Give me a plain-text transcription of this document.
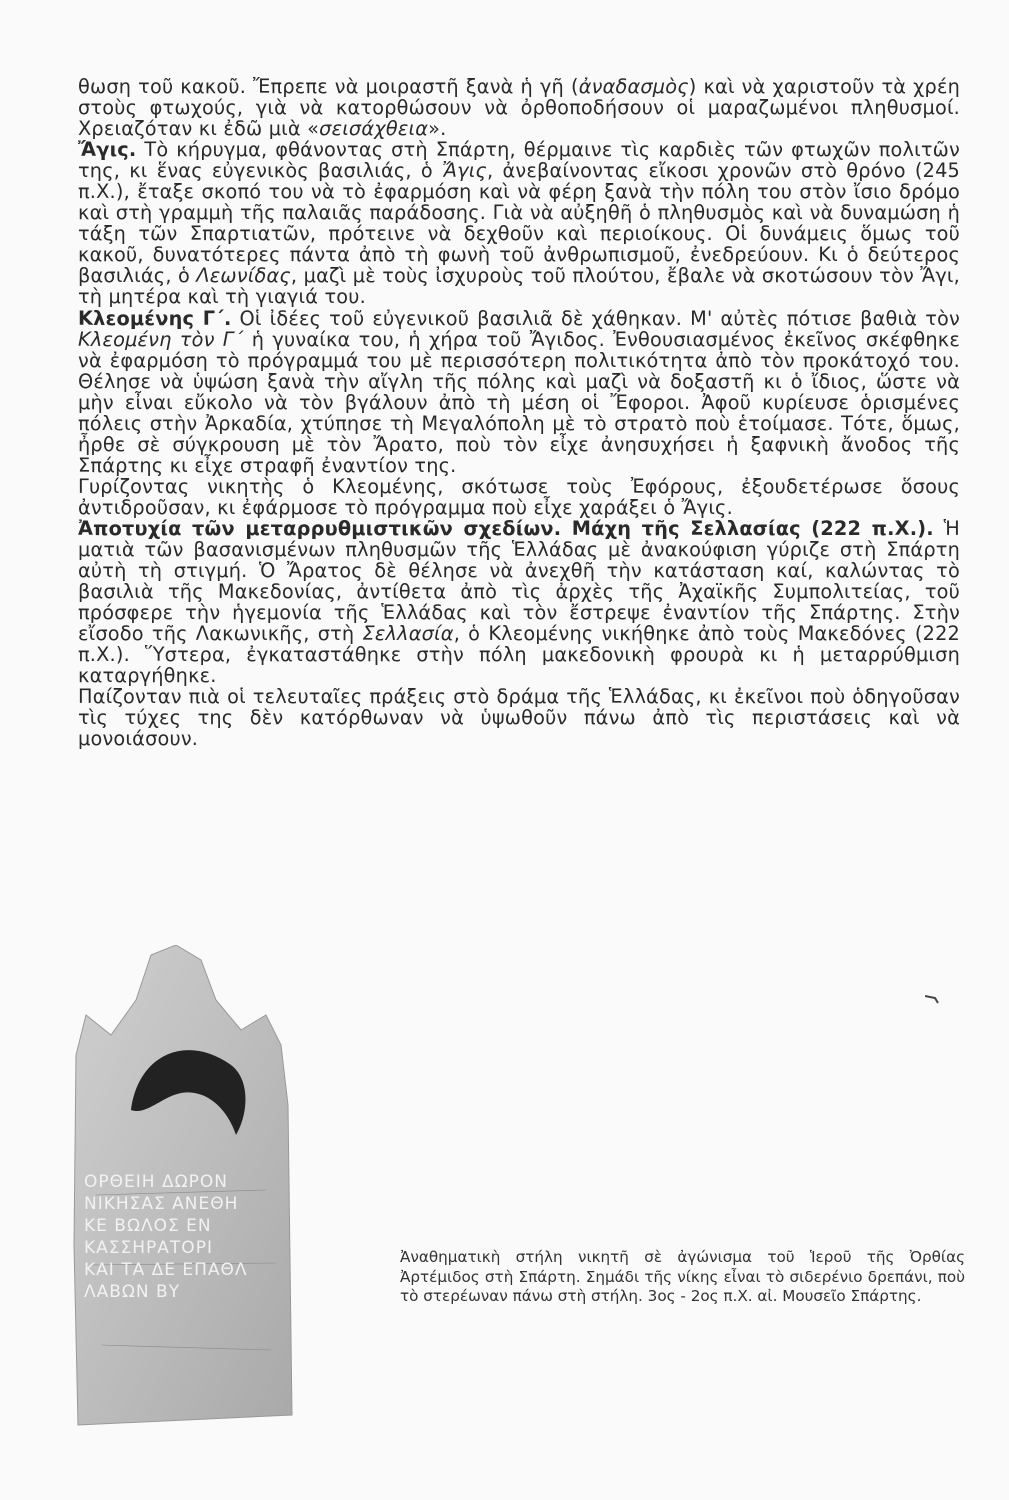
θωση τοῦ κακοῦ. Ἔπρεπε νὰ μοιραστῆ ξανὰ ἡ γῆ (ἀναδασμὸς) καὶ νὰ χαριστοῦν τὰ χρέη στοὺς φτωχούς, γιὰ νὰ κατορθώσουν νὰ ὀρθοποδήσουν οἱ μαραζωμένοι πληθυσμοί. Χρειαζόταν κι ἐδῶ μιὰ «σεισάχθεια».

Ἄγις. Τὸ κήρυγμα, φθάνοντας στὴ Σπάρτη, θέρμαινε τὶς καρδιὲς τῶν φτωχῶν πολιτῶν της, κι ἕνας εὐγενικὸς βασιλιάς, ὁ Ἄγις, ἀνεβαίνοντας εἴκοσι χρονῶν στὸ θρόνο (245 π.Χ.), ἔταξε σκοπό του νὰ τὸ ἐφαρμόση καὶ νὰ φέρη ξανὰ τὴν πόλη του στὸν ἴσιο δρόμο καὶ στὴ γραμμὴ τῆς παλαιᾶς παράδοσης. Γιὰ νὰ αὐξηθῆ ὁ πληθυσμὸς καὶ νὰ δυναμώση ἡ τάξη τῶν Σπαρτιατῶν, πρότεινε νὰ δεχθοῦν καὶ περιοίκους. Οἱ δυνάμεις ὅμως τοῦ κακοῦ, δυνατότερες πάντα ἀπὸ τὴ φωνὴ τοῦ ἀνθρωπισμοῦ, ἐνεδρεύουν. Κι ὁ δεύτερος βασιλιάς, ὁ Λεωνίδας, μαζὶ μὲ τοὺς ἰσχυροὺς τοῦ πλούτου, ἔβαλε νὰ σκοτώσουν τὸν Ἄγι, τὴ μητέρα καὶ τὴ γιαγιά του.

Κλεομένης Γ΄. Οἱ ἰδέες τοῦ εὐγενικοῦ βασιλιᾶ δὲ χάθηκαν. Μ' αὐτὲς πότισε βαθιὰ τὸν Κλεομένη τὸν Γ΄ ἡ γυναίκα του, ἡ χήρα τοῦ Ἄγιδος. Ἐνθουσιασμένος ἐκεῖνος σκέφθηκε νὰ ἐφαρμόση τὸ πρόγραμμά του μὲ περισσότερη πολιτικότητα ἀπὸ τὸν προκάτοχό του. Θέλησε νὰ ὑψώση ξανὰ τὴν αἴγλη τῆς πόλης καὶ μαζὶ νὰ δοξαστῆ κι ὁ ἴδιος, ὥστε νὰ μὴν εἶναι εὔκολο νὰ τὸν βγάλουν ἀπὸ τὴ μέση οἱ Ἔφοροι. Ἀφοῦ κυρίευσε ὁρισμένες πόλεις στὴν Ἀρκαδία, χτύπησε τὴ Μεγαλόπολη μὲ τὸ στρατὸ ποὺ ἑτοίμασε. Τότε, ὅμως, ἦρθε σὲ σύγκρουση μὲ τὸν Ἄρατο, ποὺ τὸν εἶχε ἀνησυχήσει ἡ ξαφνικὴ ἄνοδος τῆς Σπάρτης κι εἶχε στραφῆ ἐναντίον της.

Γυρίζοντας νικητὴς ὁ Κλεομένης, σκότωσε τοὺς Ἐφόρους, ἐξουδετέρωσε ὅσους ἀντιδροῦσαν, κι ἐφάρμοσε τὸ πρόγραμμα ποὺ εἶχε χαράξει ὁ Ἄγις.

Ἀποτυχία τῶν μεταρρυθμιστικῶν σχεδίων. Μάχη τῆς Σελλασίας (222 π.Χ.). Ἡ ματιὰ τῶν βασανισμένων πληθυσμῶν τῆς Ἑλλάδας μὲ ἀνακούφιση γύριζε στὴ Σπάρτη αὐτὴ τὴ στιγμή. Ὁ Ἄρατος δὲ θέλησε νὰ ἀνεχθῆ τὴν κατάσταση καί, καλώντας τὸ βασιλιὰ τῆς Μακεδονίας, ἀντίθετα ἀπὸ τὶς ἀρχὲς τῆς Ἀχαϊκῆς Συμπολιτείας, τοῦ πρόσφερε τὴν ἡγεμονία τῆς Ἑλλάδας καὶ τὸν ἔστρεψε ἐναντίον τῆς Σπάρτης. Στὴν εἴσοδο τῆς Λακωνικῆς, στὴ Σελλασία, ὁ Κλεομένης νικήθηκε ἀπὸ τοὺς Μακεδόνες (222 π.Χ.). Ὕστερα, ἐγκαταστάθηκε στὴν πόλη μακεδονικὴ φρουρὰ κι ἡ μεταρρύθμιση καταργήθηκε.

Παίζονταν πιὰ οἱ τελευταῖες πράξεις στὸ δράμα τῆς Ἑλλάδας, κι ἐκεῖνοι ποὺ ὁδηγοῦσαν τὶς τύχες της δὲν κατόρθωναν νὰ ὑψωθοῦν πάνω ἀπὸ τὶς περιστάσεις καὶ νὰ μονοιάσουν.

ΟΡΘΕΙΗ ΔΩΡΟΝ
ΝΙΚΗΣΑΣ ΑΝΕΘΗ
ΚΕ ΒΩΛΟΣ ΕΝ
ΚΑΣΣΗΡΑΤΟΡΙ
ΚΑΙ ΤΑ ΔΕ ΕΠΑΘΛ
ΛΑΒΩΝ ΒΥ
Ἀναθηματικὴ στήλη νικητῆ σὲ ἀγώνισμα τοῦ Ἱεροῦ τῆς Ὀρθίας Ἀρτέμιδος στὴ Σπάρτη. Σημάδι τῆς νίκης εἶναι τὸ σιδερένιο δρεπάνι, ποὺ τὸ στερέωναν πάνω στὴ στήλη. 3ος - 2ος π.Χ. αἰ. Μουσεῖο Σπάρτης.
